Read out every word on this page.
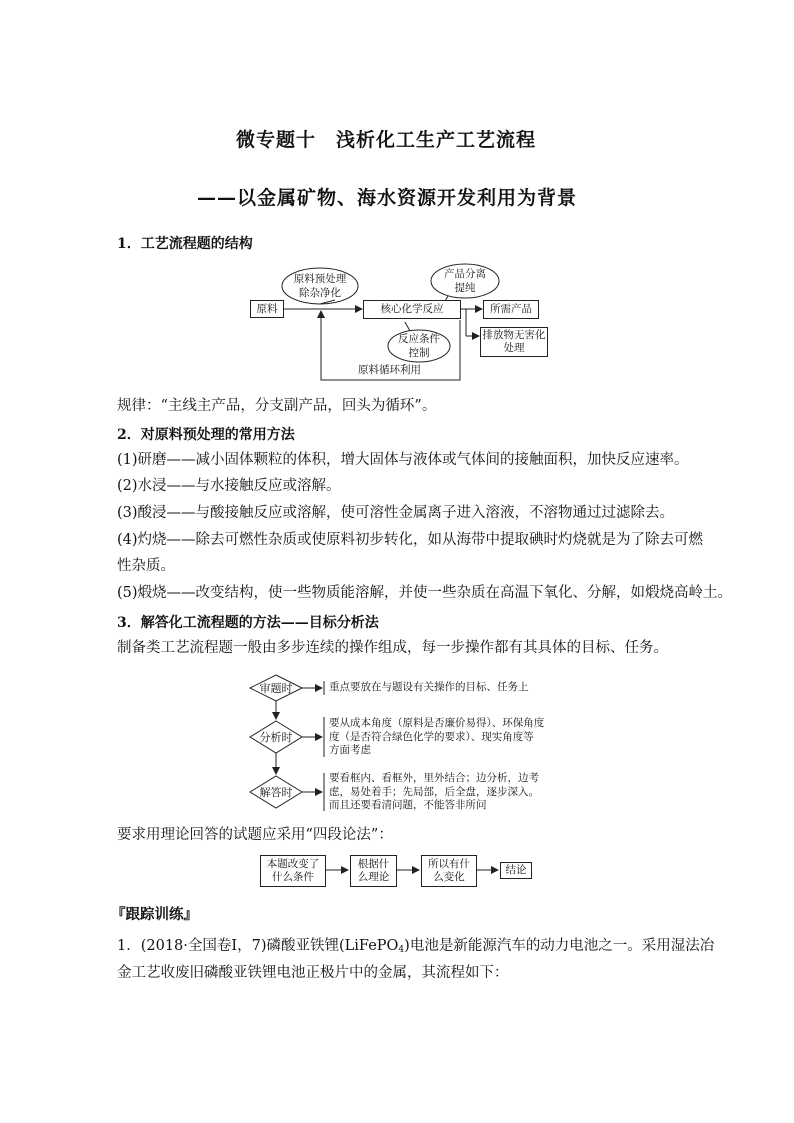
微专题十　浅析化工生产工艺流程
——以金属矿物、海水资源开发利用为背景
1．工艺流程题的结构
原料
原料预处理
除杂净化
核心化学反应
产品分离
提纯
所需产品
反应条件
控制
排放物无害化
处理
原料循环利用
规律：“主线主产品，分支副产品，回头为循环”。
2．对原料预处理的常用方法
(1)研磨——减小固体颗粒的体积，增大固体与液体或气体间的接触面积，加快反应速率。
(2)水浸——与水接触反应或溶解。
(3)酸浸——与酸接触反应或溶解，使可溶性金属离子进入溶液，不溶物通过过滤除去。
(4)灼烧——除去可燃性杂质或使原料初步转化，如从海带中提取碘时灼烧就是为了除去可燃
性杂质。
(5)煅烧——改变结构，使一些物质能溶解，并使一些杂质在高温下氧化、分解，如煅烧高岭土。
3．解答化工流程题的方法——目标分析法
制备类工艺流程题一般由多步连续的操作组成，每一步操作都有其具体的目标、任务。
审题时
分析时
解答时
重点要放在与题设有关操作的目标、任务上
要从成本角度（原料是否廉价易得）、环保角度
度（是否符合绿色化学的要求）、现实角度等
方面考虑
要看框内、看框外，里外结合；边分析，边考
虑，易处着手；先局部，后全盘，逐步深入。
而且还要看清问题，不能答非所问
要求用理论回答的试题应采用“四段论法”：
本题改变了
什么条件
根据什
么理论
所以有什
么变化
结论
『跟踪训练』
1．(2018·全国卷Ⅰ，7)磷酸亚铁锂(LiFePO$_4$)电池是新能源汽车的动力电池之一。采用湿法冶
金工艺收废旧磷酸亚铁锂电池正极片中的金属，其流程如下：
